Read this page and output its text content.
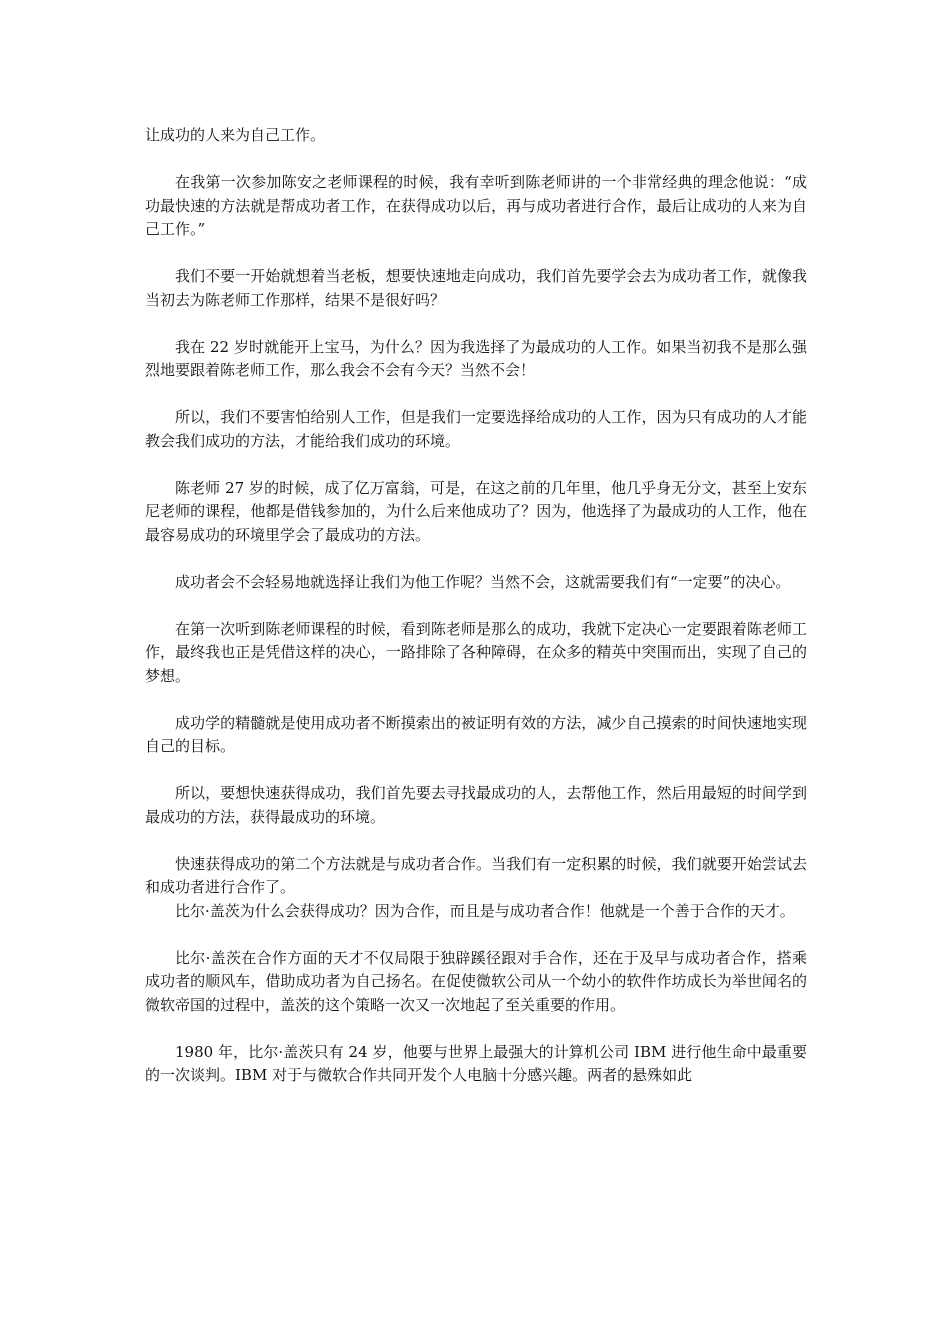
让成功的人来为自己工作。

在我第一次参加陈安之老师课程的时候，我有幸听到陈老师讲的一个非常经典的理念他说：“成功最快速的方法就是帮成功者工作，在获得成功以后，再与成功者进行合作，最后让成功的人来为自己工作。”

我们不要一开始就想着当老板，想要快速地走向成功，我们首先要学会去为成功者工作，就像我当初去为陈老师工作那样，结果不是很好吗？

我在 22 岁时就能开上宝马，为什么？因为我选择了为最成功的人工作。如果当初我不是那么强烈地要跟着陈老师工作，那么我会不会有今天？当然不会！

所以，我们不要害怕给别人工作，但是我们一定要选择给成功的人工作，因为只有成功的人才能教会我们成功的方法，才能给我们成功的环境。

陈老师 27 岁的时候，成了亿万富翁，可是，在这之前的几年里，他几乎身无分文，甚至上安东尼老师的课程，他都是借钱参加的，为什么后来他成功了？因为，他选择了为最成功的人工作，他在最容易成功的环境里学会了最成功的方法。

成功者会不会轻易地就选择让我们为他工作呢？当然不会，这就需要我们有“一定要”的决心。

在第一次听到陈老师课程的时候，看到陈老师是那么的成功，我就下定决心一定要跟着陈老师工作，最终我也正是凭借这样的决心，一路排除了各种障碍，在众多的精英中突围而出，实现了自己的梦想。

成功学的精髓就是使用成功者不断摸索出的被证明有效的方法，减少自己摸索的时间快速地实现自己的目标。

所以，要想快速获得成功，我们首先要去寻找最成功的人，去帮他工作，然后用最短的时间学到最成功的方法，获得最成功的环境。

快速获得成功的第二个方法就是与成功者合作。当我们有一定积累的时候，我们就要开始尝试去和成功者进行合作了。

比尔·盖茨为什么会获得成功？因为合作，而且是与成功者合作！他就是一个善于合作的天才。

比尔·盖茨在合作方面的天才不仅局限于独辟蹊径跟对手合作，还在于及早与成功者合作，搭乘成功者的顺风车，借助成功者为自己扬名。在促使微软公司从一个幼小的软件作坊成长为举世闻名的微软帝国的过程中，盖茨的这个策略一次又一次地起了至关重要的作用。

1980 年，比尔·盖茨只有 24 岁，他要与世界上最强大的计算机公司 IBM 进行他生命中最重要的一次谈判。IBM 对于与微软合作共同开发个人电脑十分感兴趣。两者的悬殊如此
